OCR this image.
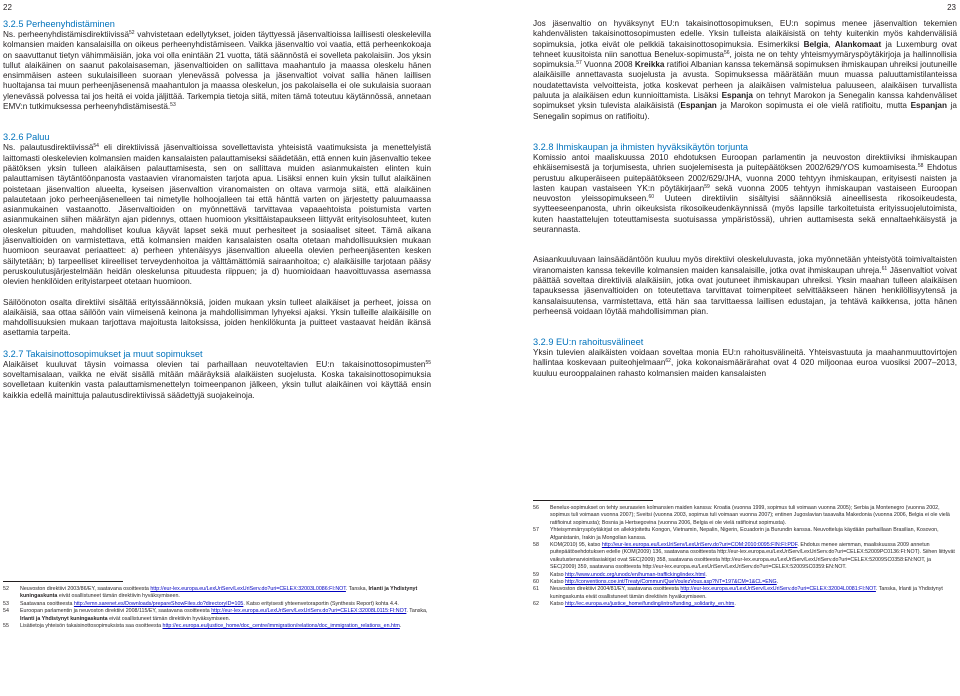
22	23
3.2.5 Perheenyhdistäminen

Ns. perheenyhdistämisdirektiivissä$^{52}$ vahvistetaan edellytykset, joiden täyttyessä jäsenvaltioissa laillisesti oleskelevilla kolmansien maiden kansalaisilla on oikeus perheenyhdistämiseen. Vaikka jäsenvaltio voi vaatia, että perheenkokoaja on saavuttanut tietyn vähimmäisiän, joka voi olla enintään 21 vuotta, tätä säännöstä ei sovelleta pakolaisiin. Jos yksin tullut alaikäinen on saanut pakolaisaseman, jäsenvaltioiden on sallittava maahantulo ja maassa oleskelu hänen ensimmäisen asteen sukulaisilleen suoraan ylenevässä polvessa ja jäsenvaltiot voivat sallia hänen laillisen huoltajansa tai muun perheenjäsenensä maahantulon ja maassa oleskelun, jos pakolaisella ei ole sukulaisia suoraan ylenevässä polvessa tai jos heitä ei voida jäljittää. Tarkempia tietoja siitä, miten tämä toteutuu käytännössä, annetaan EMV:n tutkimuksessa perheenyhdistämisestä.$^{53}$

3.2.6 Paluu

Ns. palautusdirektiivissä$^{54}$ eli direktiivissä jäsenvaltioissa sovellettavista yhteisistä vaatimuksista ja menettelyistä laittomasti oleskelevien kolmansien maiden kansalaisten palauttamiseksi säädetään, että ennen kuin jäsenvaltio tekee päätöksen yksin tulleen alaikäisen palauttamisesta, sen on sallittava muiden asianmukaisten elinten kuin palauttamisen täytäntöönpanosta vastaavien viranomaisten tarjota apua. Lisäksi ennen kuin yksin tullut alaikäinen poistetaan jäsenvaltion alueelta, kyseisen jäsenvaltion viranomaisten on oltava varmoja siitä, että alaikäinen palautetaan joko perheenjäsenelleen tai nimetylle holhoojalleen tai että hänttä varten on järjestetty paluumaassa asianmukainen vastaanotto. Jäsenvaltioiden on myönnettävä tarvittavaa vapaaehtoista poistumista varten asianmukainen siihen määrätyn ajan pidennys, ottaen huomioon yksittäistapaukseen liittyvät erityisolosuhteet, kuten oleskelun pituuden, mahdolliset koulua käyvät lapset sekä muut perhesiteet ja sosiaaliset siteet. Tämä aikana jäsenvaltioiden on varmistettava, että kolmansien maiden kansalaisten osalta otetaan mahdollisuuksien mukaan huomioon seuraavat periaatteet: a) perheen yhtenäisyys jäsenvaltion alueella olevien perheenjäsenten kesken säilytetään; b) tarpeelliset kiireelliset terveydenhoitoa ja välttämättömiä sairaanhoitoa; c) alaikäisille tarjotaan pääsy peruskoulutusjärjestelmään heidän oleskelunsa pituudesta riippuen; ja d) huomioidaan haavoittuvassa asemassa olevien henkilöiden erityistarpeet otetaan huomioon.

Säilöönoton osalta direktiivi sisältää erityissäännöksiä, joiden mukaan yksin tulleet alaikäiset ja perheet, joissa on alaikäisiä, saa ottaa säilöön vain viimeisenä keinona ja mahdollisimman lyhyeksi ajaksi. Yksin tulleille alaikäisille on mahdollisuuksien mukaan tarjottava majoitusta laitoksissa, joiden henkilökunta ja puitteet vastaavat heidän ikänsä asettamia tarpeita.

3.2.7 Takaisinottosopimukset ja muut sopimukset

Alaikäiset kuuluvat täysin voimassa olevien tai parhaillaan neuvoteltavien EU:n takaisinottosopimusten$^{55}$ soveltamisalaan, vaikka ne eivät sisällä mitään määräyksiä alaikäisten suojelusta. Koska takaisinottosopimuksia sovelletaan kuitenkin vasta palauttamismenettelyn toimeenpanon jälkeen, yksin tullut alaikäinen voi käyttää ensin kaikkia edellä mainittuja palautusdirektiivissä säädettyjä suojakeinoja.

52 Neuvoston direktiivi 2003/86/EY, saatavana osoitteesta http://eur-lex.europa.eu/LexUriServ/LexUriServ.do?uri=CELEX:32003L0086:FI:NOT. Tanska, Irlanti ja Yhdistynyt kuningaskunta eivät osallistuneet tämän direktiivin hyväksymiseen.
53 Saatavana osoitteesta http://emn.sarenet.es/Downloads/prepareShowFiles.do?directoryID=105. Katso erityisesti yhteenvetoraportin (Synthesis Report) kohta 4.4.
54 Euroopan parlamentin ja neuvoston direktiivi 2008/115/EY, saatavana osoitteesta http://eur-lex.europa.eu/LexUriServ/LexUriServ.do?uri=CELEX:32008L0115:FI:NOT. Tanska, Irlanti ja Yhdistynyt kuningaskunta eivät osallistuneet tämän direktiivin hyväksymiseen.
55 Lisätietoja yhteisön takaisinottosopimuksista saa osoitteesta http://ec.europa.eu/justice_home/doc_centre/immigration/relations/doc_immigration_relations_en.htm.

Jos jäsenvaltio on hyväksynyt EU:n takaisinottosopimuksen, EU:n sopimus menee jäsenvaltion tekemien kahdenvälisten takaisinottosopimusten edelle. Yksin tulleista alaikäisistä on tehty kuitenkin myös kahdenvälisiä sopimuksia, jotka eivät ole pelkkiä takaisinottosopimuksia. Esimerkiksi Belgia, Alankomaat ja Luxemburg ovat tehneet kuusitoista niin sanottua Benelux-sopimusta$^{56}$, joista ne on tehty yhteismyymäryspöytäkirjoja ja hallinnollisia sopimuksia.$^{57}$ Vuonna 2008 Kreikka ratifioi Albanian kanssa tekemänsä sopimuksen ihmiskaupan uhreiksi joutuneille alaikäisille annettavasta suojelusta ja avusta. Sopimuksessa määrätään muun muassa paluuttamistilanteissa noudatettavista velvoitteista, jotka koskevat perheen ja alaikäisen valmistelua paluuseen, alaikäisen turvallista paluuta ja alaikäisen edun kunnioittamista. Lisäksi Espanja on tehnyt Marokon ja Senegalin kanssa kahdenväliset sopimukset yksin tulevista alaikäisistä (Espanjan ja Marokon sopimusta ei ole vielä ratifioitu, mutta Espanjan ja Senegalin sopimus on ratifioitu).

3.2.8 Ihmiskaupan ja ihmisten hyväksikäytön torjunta

Komissio antoi maaliskuussa 2010 ehdotuksen Euroopan parlamentin ja neuvoston direktiiviksi ihmiskaupan ehkäisemisestä ja torjumisesta, uhrien suojelemisesta ja puitepäätöksen 2002/629/YOS kumoamisesta.$^{58}$ Ehdotus perustuu alkuperäiseen puitepäätökseen 2002/629/JHA, vuonna 2000 tehtyyn ihmiskaupan, erityisesti naisten ja lasten kaupan vastaiseen YK:n pöytäkirjaan$^{59}$ sekä vuonna 2005 tehtyyn ihmiskaupan vastaiseen Euroopan neuvoston yleissopimukseen.$^{60}$ Uuteen direktiiviin sisältyisi säännöksiä aineellisesta rikosoikeudesta, syytteeseenpanosta, uhrin oikeuksista rikosoikeudenkäynnissä (myös lapsille tarkoitetuista erityissuojelutoimista, kuten haastattelujen toteuttamisesta suotuisassa ympäristössä), uhrien auttamisesta sekä ennaltaehkäisystä ja seurannasta.

Asiaankuuluvaan lainsäädäntöön kuuluu myös direktiivi oleskeluluvasta, joka myönnetään yhteistyötä toimivaltaisten viranomaisten kanssa tekeville kolmansien maiden kansalaisille, jotka ovat ihmiskaupan uhreja.$^{61}$ Jäsenvaltiot voivat päättää soveltaa direktiiviä alaikäisiin, jotka ovat joutuneet ihmiskaupan uhreiksi. Yksin maahan tulleen alaikäisen tapauksessa jäsenvaltioiden on toteutettava tarvittavat toimenpiteet selvittääkseen hänen henkilöllisyytensä ja kansalaisuutensa, varmistettava, että hän saa tarvittaessa laillisen edustajan, ja tehtävä kaikkensa, jotta hänen perheensä voidaan löytää mahdollisimman pian.

3.2.9 EU:n rahoitusvälineet

Yksin tulevien alaikäisten voidaan soveltaa monia EU:n rahoitusvälineitä. Yhteisvastuuta ja maahanmuuttovirtojen hallintaa koskevaan puiteohjelmaan$^{62}$, joka kokonaismäärärahat ovat 4 020 miljoonaa euroa vuosiksi 2007–2013, kuuluu eurooppalainen rahasto kolmansien maiden kansalaisten

56 Benelux-sopimukset on tehty seuraavien kolmansien maiden kanssa: Kroatia (vuonna 1999, sopimus tuli voimaan vuonna 2005); Serbia ja Montenegro (vuonna 2002, sopimus tuli voimaan vuonna 2007); Sveitsi (vuonna 2003, sopimus tuli voimaan vuonna 2007); entinen Jugoslavian tasavalta Makedonia (vuonna 2006, Belgia ei ole vielä ratifioinut sopimusta); Bosnia ja Hertsegovina (vuonna 2006, Belgia ei ole vielä ratifioinut sopimusta).
57 Yhteisymmärryspöytäkirjat on allekirjoitettu Kongon, Vietnamin, Nepalin, Nigerin, Ecuadorin ja Burundin kanssa. Neuvotteluja käydään parhaillaan Brasilian, Kosovon, Afganistanin, Irakin ja Mongolian kanssa.
58 KOM(2010) 95, katso http://eur-lex.europa.eu/LexUriServ/LexUriServ.do?uri=COM:2010:0095:FIN:FI:PDF. Ehdotus menee aiemman, maaliskuussa 2009 annetun puitepäätösehdotuksen edelle (KOM(2009) 136, saatavana osoitteesta http://eur-lex.europa.eu/LexUriServ/LexUriServ.do?uri=CELEX:52009PC0136:FI:NOT). Siihen liittyvät vaikutustenarviointiasiakirjat ovat SEC(2009) 358, saatavana osoitteesta http://eur-lex.europa.eu/LexUriServ/LexUriServ.do?uri=CELEX:52009SC0358:EN:NOT, ja SEC(2009) 359, saatavana osoitteesta http://eur-lex.europa.eu/LexUriServ/LexUriServ.do?uri=CELEX:52009SC0359:EN:NOT.
59 Katso http://www.unodc.org/unodc/en/human-trafficking/index.html.
60 Katso http://conventions.coe.int/Treaty/Commun/QueVoulezVous.asp?NT=197&CM=1&CL=ENG.
61 Neuvoston direktiivi 2004/81/EY, saatavana osoitteesta http://eur-lex.europa.eu/LexUriServ/LexUriServ.do?uri=CELEX:32004L0081:FI:NOT. Tanska, Irlanti ja Yhdistynyt kuningaskunta eivät osallistuneet tämän direktiivin hyväksymiseen.
62 Katso http://ec.europa.eu/justice_home/funding/intro/funding_solidarity_en.htm.
